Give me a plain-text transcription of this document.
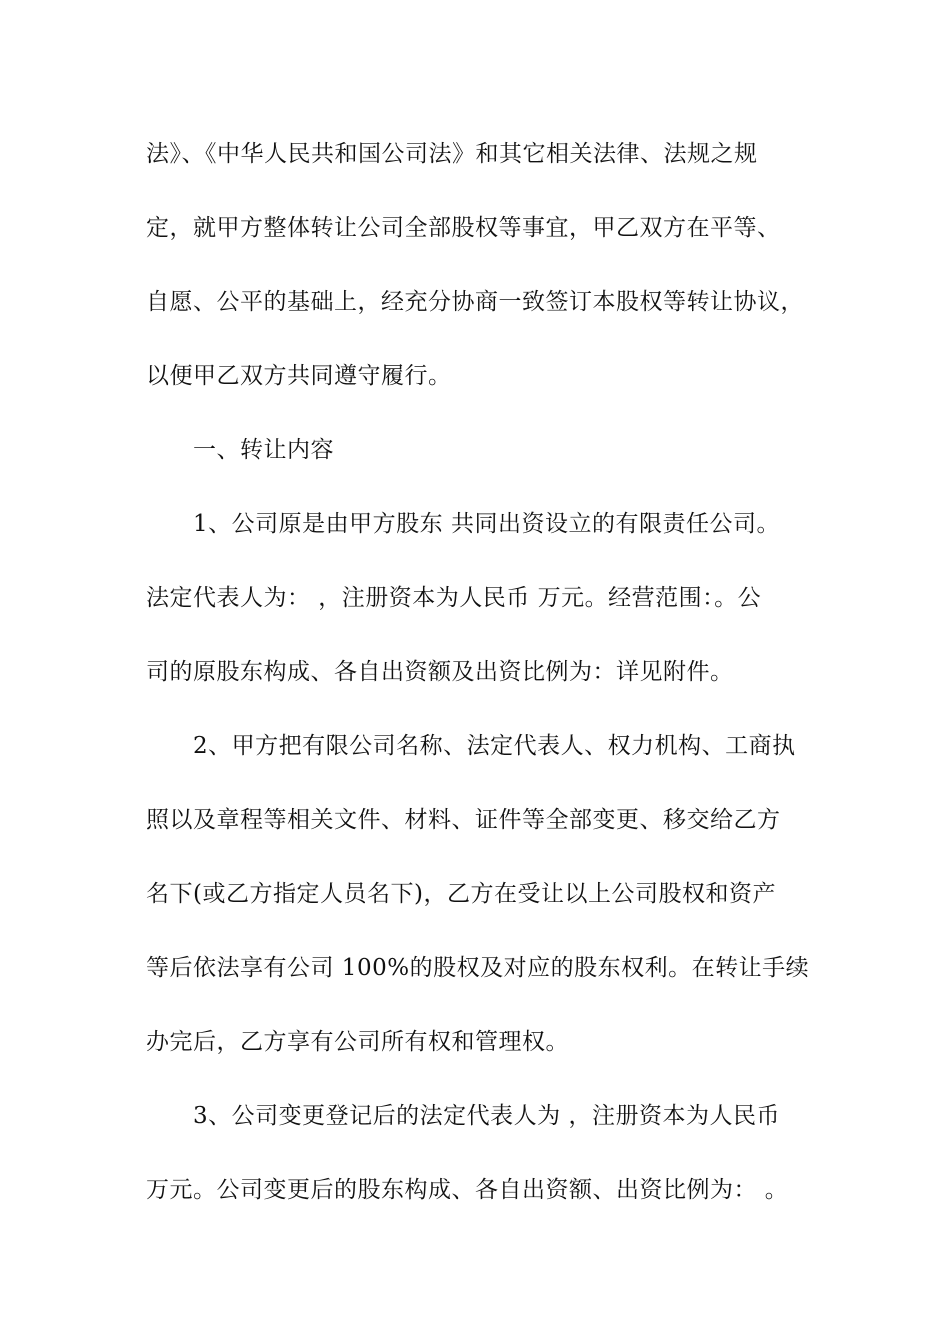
法》、《中华人民共和国公司法》和其它相关法律、法规之规
定，就甲方整体转让公司全部股权等事宜，甲乙双方在平等、
自愿、公平的基础上，经充分协商一致签订本股权等转让协议，
以便甲乙双方共同遵守履行。
一、转让内容
1、公司原是由甲方股东 共同出资设立的有限责任公司。
法定代表人为： ，注册资本为人民币 万元。经营范围：。公
司的原股东构成、各自出资额及出资比例为：详见附件。
2、甲方把有限公司名称、法定代表人、权力机构、工商执
照以及章程等相关文件、材料、证件等全部变更、移交给乙方
名下(或乙方指定人员名下)，乙方在受让以上公司股权和资产
等后依法享有公司 100%的股权及对应的股东权利。在转让手续
办完后，乙方享有公司所有权和管理权。
3、公司变更登记后的法定代表人为 ，注册资本为人民币
万元。公司变更后的股东构成、各自出资额、出资比例为： 。
